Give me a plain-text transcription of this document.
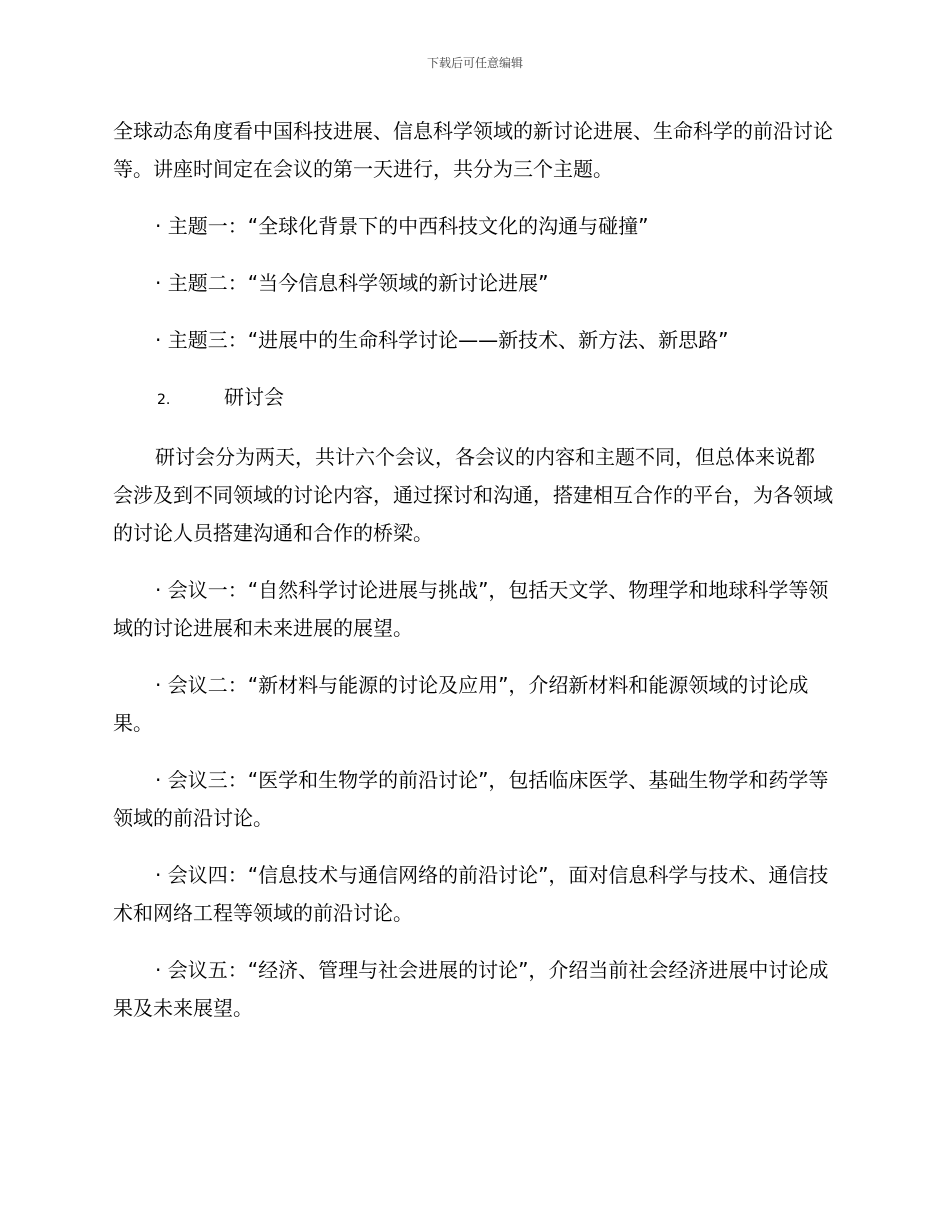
下载后可任意编辑

全球动态角度看中国科技进展、信息科学领域的新讨论进展、生命科学的前沿讨论等。讲座时间定在会议的第一天进行，共分为三个主题。

· 主题一：“全球化背景下的中西科技文化的沟通与碰撞”

· 主题二：“当今信息科学领域的新讨论进展”

· 主题三：“进展中的生命科学讨论——新技术、新方法、新思路”

2.	研讨会

研讨会分为两天，共计六个会议，各会议的内容和主题不同，但总体来说都会涉及到不同领域的讨论内容，通过探讨和沟通，搭建相互合作的平台，为各领域的讨论人员搭建沟通和合作的桥梁。

· 会议一：“自然科学讨论进展与挑战”，包括天文学、物理学和地球科学等领域的讨论进展和未来进展的展望。

· 会议二：“新材料与能源的讨论及应用”，介绍新材料和能源领域的讨论成果。

· 会议三：“医学和生物学的前沿讨论”，包括临床医学、基础生物学和药学等领域的前沿讨论。

· 会议四：“信息技术与通信网络的前沿讨论”，面对信息科学与技术、通信技术和网络工程等领域的前沿讨论。

· 会议五：“经济、管理与社会进展的讨论”，介绍当前社会经济进展中讨论成果及未来展望。
